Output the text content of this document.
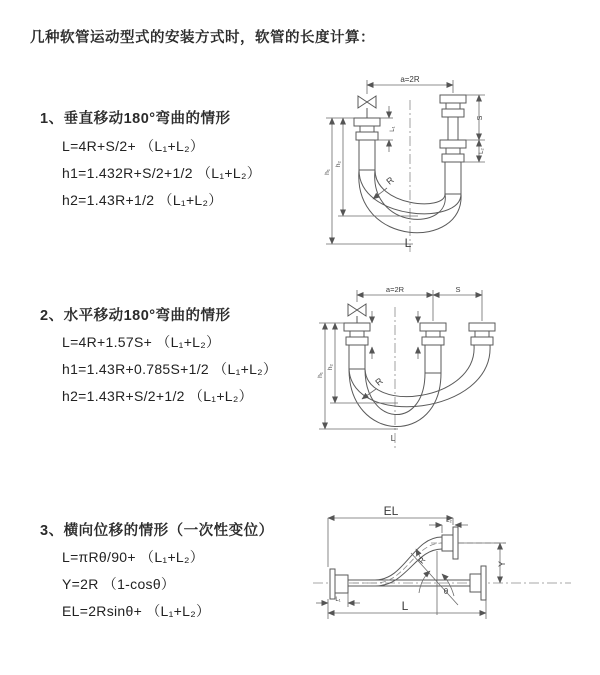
几种软管运动型式的安装方式时，软管的长度计算：
1、垂直移动180°弯曲的情形
L=4R+S/2+ （L₁+L₂）
h1=1.432R+S/2+1/2 （L₁+L₂）
h2=1.43R+1/2 （L₁+L₂）
2、水平移动180°弯曲的情形
L=4R+1.57S+ （L₁+L₂）
h1=1.43R+0.785S+1/2 （L₁+L₂）
h2=1.43R+S/2+1/2 （L₁+L₂）
3、横向位移的情形（一次性变位）
L=πRθ/90+ （L₁+L₂）
Y=2R （1-cosθ）
EL=2Rsinθ+ （L₁+L₂）
a=2R
S
L₂
L₁
h₁
h₂
R
L
a=2R	S
h₁
h₂
R
L
EL
L₂
Y
R
θ
L
L₁
